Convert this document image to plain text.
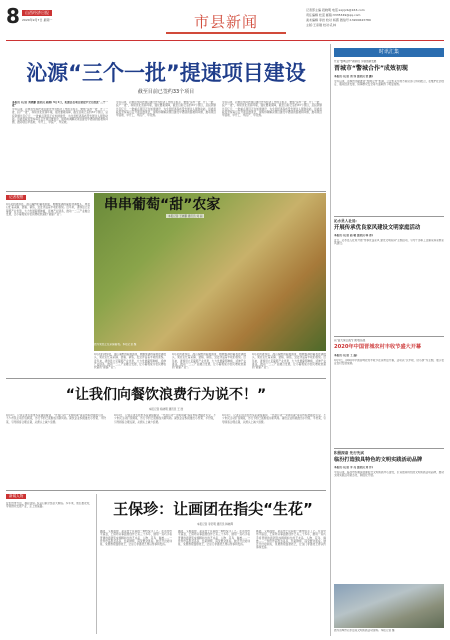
8	山西经济日报
2020年9月7日 星期一	市县新闻
记者部主编 段晓明 电话:sxjrjzb@163.com
责任编辑 杜蕊 邮箱:3335349@qq.com
美术编辑 李岩 校对 杨霞 微信号:13200643789
主版:王彦刚 校对:孔林
沁源“三个一批”提速项目建设
截至目前已签约33个项目
本报讯 (记者 刘晓鹏 通讯员 赵刚) 9月1日，沁源县在项目建设中全力推进“三个一批”
今年以来，沁源县坚持把项目建设作为经济工作的主抓手，聚焦“签约一批、开工一批、投产一批”，持续优化营商环境，强化要素保障，截至目前已签约33个项目，总投资额达百亿元，一批重点项目正在加速建设，为全县经济高质量发展注入强劲动能。县委县政府坚持每月召开项目推进会，现场协调解决项目建设中遇到的困难和问题，推动项目早落地、早开工、早投产、早见效。
今年以来，沁源县坚持把项目建设作为经济工作的主抓手，聚焦“签约一批、开工一批、投产一批”，持续优化营商环境，强化要素保障，截至目前已签约33个项目，总投资额达百亿元，一批重点项目正在加速建设，为全县经济高质量发展注入强劲动能。县委县政府坚持每月召开项目推进会，现场协调解决项目建设中遇到的困难和问题，推动项目早落地、早开工、早投产、早见效。
今年以来，沁源县坚持把项目建设作为经济工作的主抓手，聚焦“签约一批、开工一批、投产一批”，持续优化营商环境，强化要素保障，截至目前已签约33个项目，总投资额达百亿元，一批重点项目正在加速建设，为全县经济高质量发展注入强劲动能。县委县政府坚持每月召开项目推进会，现场协调解决项目建设中遇到的困难和问题，推动项目早落地、早开工、早投产、早见效。
记者观察
9月初的清徐县，漫山遍野的葡萄园里，颗颗饱满的葡萄挂满枝头，果农们忙着采摘、装箱、销售，处处洋溢着丰收的喜悦。近年来，清徐县立足葡萄产业优势，大力发展葡萄种植，延伸产业链条，推动一二三产业融合发展，让小葡萄成为农民增收致富的“甜蜜产业”。
串串葡萄“甜”农家
本报记者 王晓鹏 通讯员 刘 丽
9月初的清徐县，漫山遍野的葡萄园里，颗颗饱满的葡萄挂满枝头，果农们忙着采摘、装箱、销售，处处洋溢着丰收的喜悦。近年来，清徐县立足葡萄产业优势，大力发展葡萄种植，延伸产业链条，推动一二三产业融合发展，让小葡萄成为农民增收致富的“甜蜜产业”。
9月初的清徐县，漫山遍野的葡萄园里，颗颗饱满的葡萄挂满枝头，果农们忙着采摘、装箱、销售，处处洋溢着丰收的喜悦。近年来，清徐县立足葡萄产业优势，大力发展葡萄种植，延伸产业链条，推动一二三产业融合发展，让小葡萄成为农民增收致富的“甜蜜产业”。
9月初的清徐县，漫山遍野的葡萄园里，颗颗饱满的葡萄挂满枝头，果农们忙着采摘、装箱、销售，处处洋溢着丰收的喜悦。近年来，清徐县立足葡萄产业优势，大力发展葡萄种植，延伸产业链条，推动一二三产业融合发展，让小葡萄成为农民增收致富的“甜蜜产业”。
图为果农正在采摘葡萄。本报记者 摄
“让我们向餐饮浪费行为说不！”
本报记者 杨晓明 通讯员 王 欣
9月2日，记者走进太原市多家餐馆看到，“光盘行动”“文明用餐”等宣传标语随处可见，不少市民主动打包剩菜，厉行节约已逐渐成为新风尚。餐饮企业积极推出小份菜、半份菜，引导顾客合理点餐，从源头上减少浪费。
9月2日，记者走进太原市多家餐馆看到，“光盘行动”“文明用餐”等宣传标语随处可见，不少市民主动打包剩菜，厉行节约已逐渐成为新风尚。餐饮企业积极推出小份菜、半份菜，引导顾客合理点餐，从源头上减少浪费。
9月2日，记者走进太原市多家餐馆看到，“光盘行动”“文明用餐”等宣传标语随处可见，不少市民主动打包剩菜，厉行节约已逐渐成为新风尚。餐饮企业积极推出小份菜、半份菜，引导顾客合理点餐，从源头上减少浪费。
新闻人物
在忻州市代县，提起张保, 乡亲们都会竖起大拇指。多年来，他扎根农村，带领群众发展产业，走上致富路。	王保珍：让画团在指尖“生花”
本报记者 李宏明 通讯员 韩晓辉
画团，又称面塑，是流传于民间的一种传统手工艺。在晋中市平遥县，王保珍从事面塑创作已有三十多年，她用一双巧手将普通的面团变成栩栩如生的艺术品，人物、花鸟、瑞兽……一件件作品形态各异、色彩鲜艳，深受群众喜爱。她还开设培训班，免费教授面塑技艺，让这门非遗技艺得以传承和发扬。
画团，又称面塑，是流传于民间的一种传统手工艺。在晋中市平遥县，王保珍从事面塑创作已有三十多年，她用一双巧手将普通的面团变成栩栩如生的艺术品，人物、花鸟、瑞兽……一件件作品形态各异、色彩鲜艳，深受群众喜爱。她还开设培训班，免费教授面塑技艺，让这门非遗技艺得以传承和发扬。
画团，又称面塑，是流传于民间的一种传统手工艺。在晋中市平遥县，王保珍从事面塑创作已有三十多年，她用一双巧手将普通的面团变成栩栩如生的艺术品，人物、花鸟、瑞兽……一件件作品形态各异、色彩鲜艳，深受群众喜爱。她还开设培训班，免费教授面塑技艺，让这门非遗技艺得以传承和发扬。
时讯汇集
开启“警城合作”新阶段 引领创新发展
晋城市“警城合作”成效初现
本报讯 (记者 刘 伟 通讯员 张 鹏)
今年以来，晋城市创新推进“警城合作”机制，公安机关与地方政府部门协同配合，在维护社会稳定、服务经济发展、保障群众安全等方面取得了明显成效。
沁水县人社局：
开展传承优良家风建设文明家庭活动
本报讯 (记者 赵 敏 通讯员 韩 冰)
近日，沁水县人社局开展“传承优良家风 建设文明家庭”主题活动，引导干部职工注重家庭家教家风建设。
以“蓝天保卫战”打好收官战
2020年中国晋城农村丰收节盛大开幕
本报讯 (记者 王 磊)
9月5日，2020年中国晋城农村丰收节在泽州县开幕，活动以“庆丰收、迎小康”为主题，展示农业农村发展成就。
积极探索 先行先试
临汾打造独具特色的文明实践活动品牌
本报讯 (记者 李 亮 通讯员 刘 洋)
今年以来，临汾市积极探索新时代文明实践中心建设，打造独具特色的文明实践活动品牌，推动文明实践活动常态化、制度化开展。
图为晋城市沁水县某文明实践活动现场。本报记者 摄
